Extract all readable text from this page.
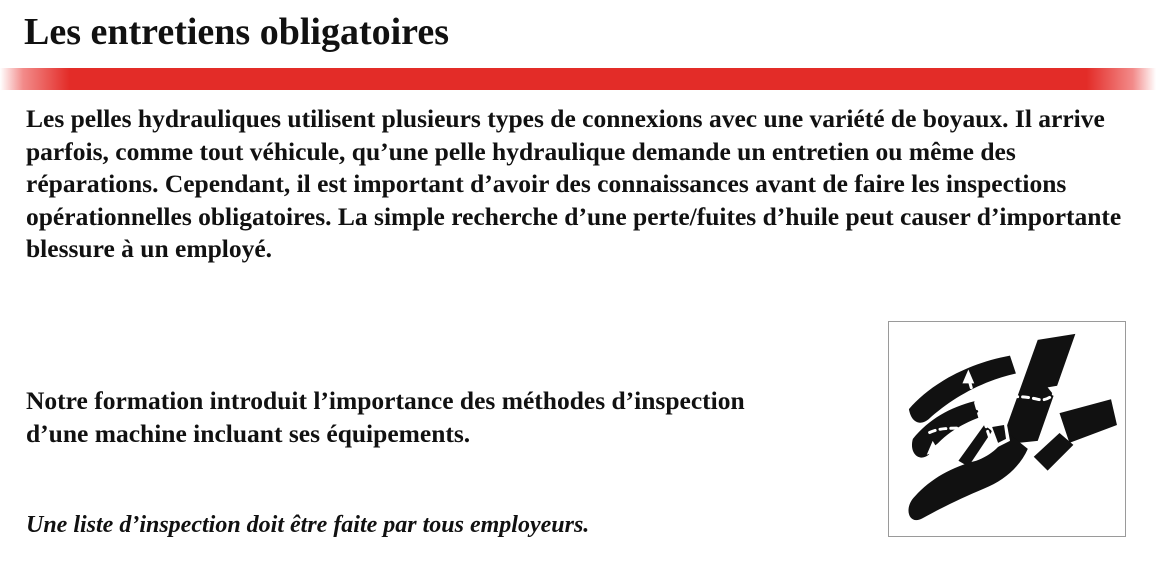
Les entretiens obligatoires

Les pelles hydrauliques utilisent plusieurs types de connexions avec une variété de boyaux. Il arrive parfois, comme tout véhicule, qu’une pelle hydraulique demande un entretien ou même des réparations. Cependant, il est important d’avoir des connaissances avant de faire les inspections opérationnelles obligatoires. La simple recherche d’une perte/fuites d’huile peut causer d’importante blessure à un employé.

Notre formation introduit l’importance des méthodes d’inspection d’une machine incluant ses équipements.

Une liste d’inspection doit être faite par tous employeurs.
